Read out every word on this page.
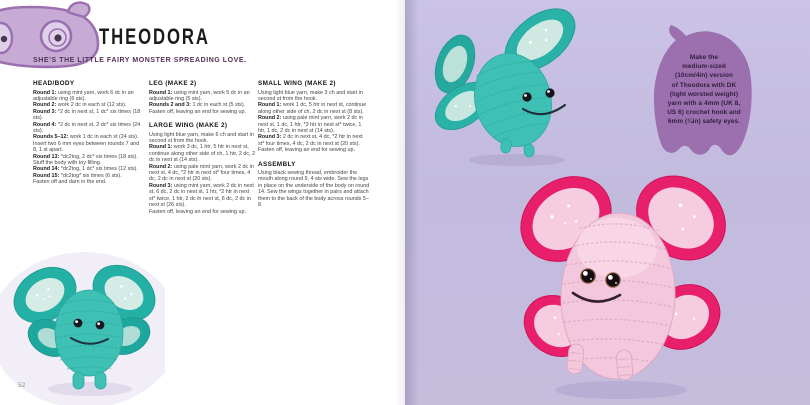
THEODORA

SHE’S THE LITTLE FAIRY MONSTER SPREADING LOVE.

HEAD/BODY

Round 1: using mint yarn, work 6 dc in an adjustable ring (6 sts).

Round 2: work 2 dc in each st (12 sts).

Round 3: *2 dc in next st, 1 dc* six times (18 sts).

Round 4: *2 dc in next st, 2 dc* six times (24 sts).

Rounds 5–12: work 1 dc in each st (24 sts).

Insert two 6 mm eyes between rounds 7 and 8, 1 st apart.

Round 13: *dc2tog, 2 dc* six times (18 sts).

Stuff the body with toy filling.

Round 14: *dc2tog, 1 dc* six times (12 sts).

Round 15: *dc2tog* six times (6 sts).

Fasten off and darn in the end.

LEG (MAKE 2)

Round 1: using mint yarn, work 5 dc in an adjustable ring (5 sts).

Rounds 2 and 3: 1 dc in each st (5 sts).

Fasten off, leaving an end for sewing up.

LARGE WING (MAKE 2)

Using light blue yarn, make 6 ch and start in second st from the hook.

Round 1: work 3 dc, 1 htr, 5 htr in next st, continue along other side of ch, 1 htr, 2 dc, 2 dc in next st (14 sts).

Round 2: using pale mint yarn, work 2 dc in next st, 4 dc, *2 htr in next st* four times, 4 dc, 2 dc in next st (20 sts).

Round 3: using mint yarn, work 2 dc in next st, 6 dc, 2 dc in next st, 1 htr, *2 htr in next st* twice, 1 htr, 2 dc in next st, 6 dc, 2 dc in next st (26 sts).

Fasten off, leaving an end for sewing up.

SMALL WING (MAKE 2)

Using light blue yarn, make 3 ch and start in second st from the hook.

Round 1: work 1 dc, 5 htr in next st, continue along other side of ch, 2 dc in next st (8 sts).

Round 2: using pale mint yarn, work 2 dc in next st, 1 dc, 1 htr, *3 htr in next st* twice, 1 htr, 1 dc, 2 dc in next st (14 sts).

Round 3: 2 dc in next st, 4 dc, *2 htr in next st* four times, 4 dc, 2 dc in next st (20 sts).

Fasten off, leaving an end for sewing up.

ASSEMBLY

Using black sewing thread, embroider the mouth along round 9, 4 sts wide. Sew the legs in place on the underside of the body on round 14. Sew the wings together in pairs and attach them to the back of the body across rounds 5–8.

52
Make the
medium-sized
(10cm/4in) version
of Theodora with DK
(light worsted weight)
yarn with a 4mm (UK 8,
US 6) crochet hook and
6mm (¼in) safety eyes.
